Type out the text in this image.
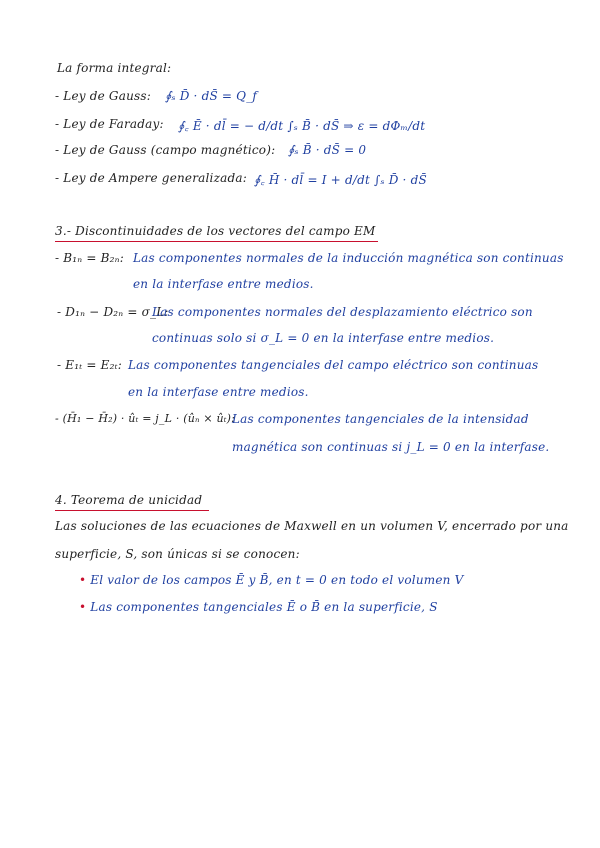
La forma integral:
- Ley de Gauss: ∮ₛ D̄ · dS̄ = Q_f
- Ley de Faraday: ∮꜀ Ē · dl̄ = − d/dt ∫ₛ B̄ · dS̄ ⇒ ε = dΦₘ/dt
- Ley de Gauss (campo magnético): ∮ₛ B̄ · dS̄ = 0
- Ley de Ampere generalizada: ∮꜀ H̄ · dl̄ = I + d/dt ∫ₛ D̄ · dS̄
3.- Discontinuidades de los vectores del campo EM
- B₁ₙ = B₂ₙ: Las componentes normales de la inducción magnética son continuas
en la interfase entre medios.
- D₁ₙ − D₂ₙ = σ_L:
Las componentes normales del desplazamiento eléctrico son
continuas solo si σ_L = 0 en la interfase entre medios.
- E₁ₜ = E₂ₜ: Las componentes tangenciales del campo eléctrico son continuas
en la interfase entre medios.
- (H̄₁ − H̄₂) · ûₜ = j_L · (ûₙ × ûₜ):
Las componentes tangenciales de la intensidad
magnética son continuas si j_L = 0 en la interfase.
4. Teorema de unicidad
Las soluciones de las ecuaciones de Maxwell en un volumen V, encerrado por una
superficie, S, son únicas si se conocen:
• El valor de los campos Ē y B̄, en t = 0 en todo el volumen V
• Las componentes tangenciales Ē o B̄ en la superficie, S
